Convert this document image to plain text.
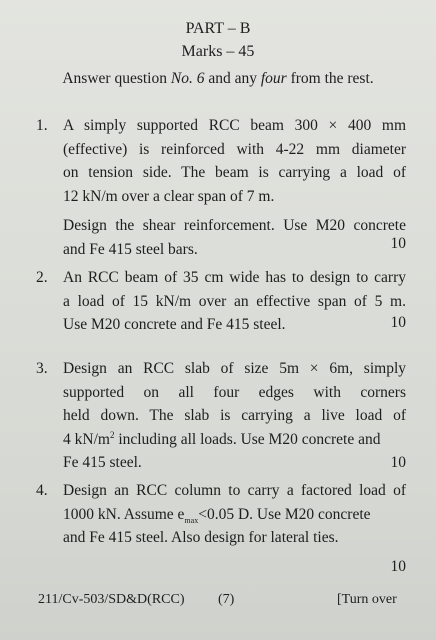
PART – B
Marks – 45
Answer question No. 6 and any four from the rest.
1. A simply supported RCC beam 300 × 400 mm
(effective) is reinforced with 4-22 mm diameter
on tension side. The beam is carrying a load of
12 kN/m over a clear span of 7 m.
Design the shear reinforcement. Use M20 concrete
and Fe 415 steel bars.	10
2. An RCC beam of 35 cm wide has to design to carry
a load of 15 kN/m over an effective span of 5 m.
Use M20 concrete and Fe 415 steel.	10
3. Design an RCC slab of size 5m × 6m, simply
supported on all four edges with corners
held down. The slab is carrying a live load of
4 $kN/m^2$ including all loads. Use M20 concrete and
Fe 415 steel.	10
4. Design an RCC column to carry a factored load of
1000 kN. Assume $e_{max}<0.05$ D. Use M20 concrete
and Fe 415 steel. Also design for lateral ties.
10

211/Cv-503/SD&D(RCC) (7)	[Turn over
